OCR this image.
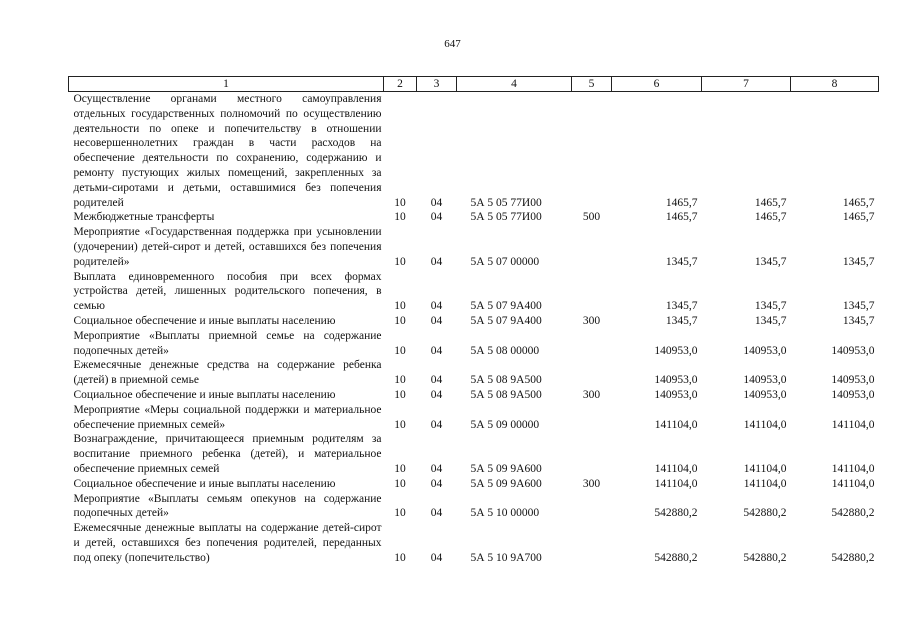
647
1	2	3	4	5	6	7	8
Осуществление органами местного самоуправления отдельных государственных полномочий по осуществлению деятельности по опеке и попечительству в отношении несовершеннолетних граждан в части расходов на обеспечение деятельности по сохранению, содержанию и ремонту пустующих жилых помещений, закрепленных за детьми-сиротами и детьми, оставшимися без попечения родителей	10	04	5А 5 05 77И00		1465,7	1465,7	1465,7
Межбюджетные трансферты	10	04	5А 5 05 77И00	500	1465,7	1465,7	1465,7
Мероприятие «Государственная поддержка при усыновлении (удочерении) детей-сирот и детей, оставшихся без попечения родителей»	10	04	5А 5 07 00000		1345,7	1345,7	1345,7
Выплата единовременного пособия при всех формах устройства детей, лишенных родительского попечения, в семью	10	04	5А 5 07 9А400		1345,7	1345,7	1345,7
Социальное обеспечение и иные выплаты населению	10	04	5А 5 07 9А400	300	1345,7	1345,7	1345,7
Мероприятие «Выплаты приемной семье на содержание подопечных детей»	10	04	5А 5 08 00000		140953,0	140953,0	140953,0
Ежемесячные денежные средства на содержание ребенка (детей) в приемной семье	10	04	5А 5 08 9А500		140953,0	140953,0	140953,0
Социальное обеспечение и иные выплаты населению	10	04	5А 5 08 9А500	300	140953,0	140953,0	140953,0
Мероприятие «Меры социальной поддержки и материальное обеспечение приемных семей»	10	04	5А 5 09 00000		141104,0	141104,0	141104,0
Вознаграждение, причитающееся приемным родителям за воспитание приемного ребенка (детей), и материальное обеспечение приемных семей	10	04	5А 5 09 9А600		141104,0	141104,0	141104,0
Социальное обеспечение и иные выплаты населению	10	04	5А 5 09 9А600	300	141104,0	141104,0	141104,0
Мероприятие «Выплаты семьям опекунов на содержание подопечных детей»	10	04	5А 5 10 00000		542880,2	542880,2	542880,2
Ежемесячные денежные выплаты на содержание детей-сирот и детей, оставшихся без попечения родителей, переданных под опеку (попечительство)	10	04	5А 5 10 9А700		542880,2	542880,2	542880,2
